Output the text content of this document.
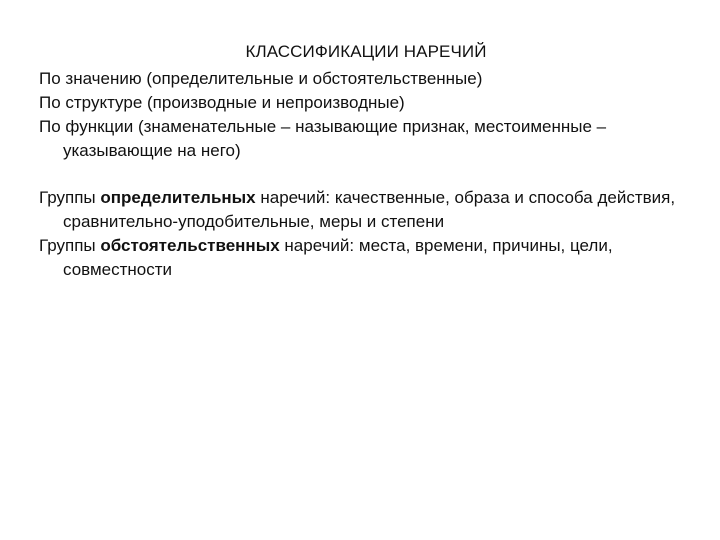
КЛАССИФИКАЦИИ НАРЕЧИЙ

По значению (определительные и обстоятельственные)

По структуре (производные и непроизводные)

По функции (знаменательные – называющие признак, местоименные – указывающие на него)

Группы определительных наречий: качественные, образа и способа действия, сравнительно-уподобительные, меры и степени

Группы обстоятельственных наречий: места, времени, причины, цели, совместности
